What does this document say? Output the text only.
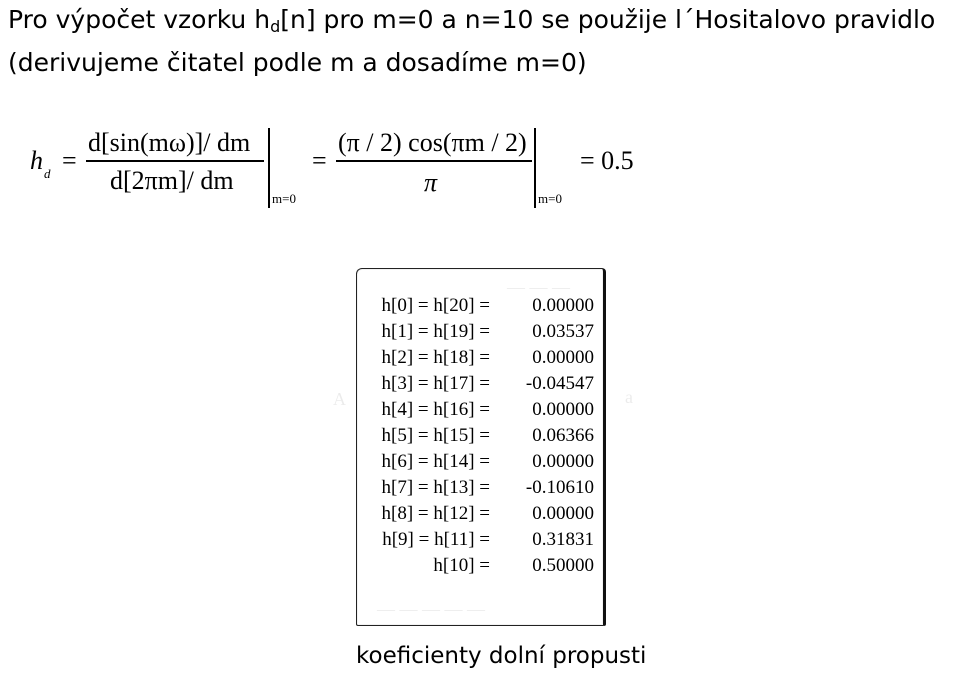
Pro výpočet vzorku $h_d[n]$ pro m=0 a n=10 se použije l´Hositalovo pravidlo
(derivujeme čitatel podle m a dosadíme m=0)
h d =
d[sin(mω)]/ dm
d[2πm]/ dm
m=0
=
(π / 2) cos(πm / 2)
π
m=0
= 0.5
— — —
A	a
— — — — —
h[0] = h[20] = 0.00000
h[1] = h[19] = 0.03537
h[2] = h[18] = 0.00000
h[3] = h[17] = -0.04547
h[4] = h[16] = 0.00000
h[5] = h[15] = 0.06366
h[6] = h[14] = 0.00000
h[7] = h[13] = -0.10610
h[8] = h[12] = 0.00000
h[9] = h[11] = 0.31831
h[10] = 0.50000
koeficienty dolní propusti
